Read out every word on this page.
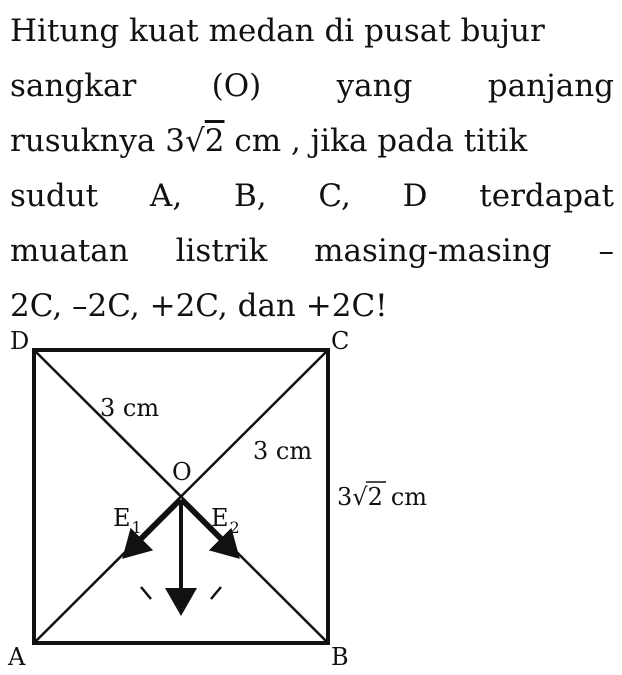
Hitung kuat medan di pusat bujur
sangkar (O) yang panjang
rusuknya 3√2 cm , jika pada titik
sudut A, B, C, D terdapat
muatan listrik masing-masing –
2C, –2C, +2C, dan +2C!
D	C
A	B
O
3 cm
3 cm
3√2 cm
$E_1$	$E_2$
